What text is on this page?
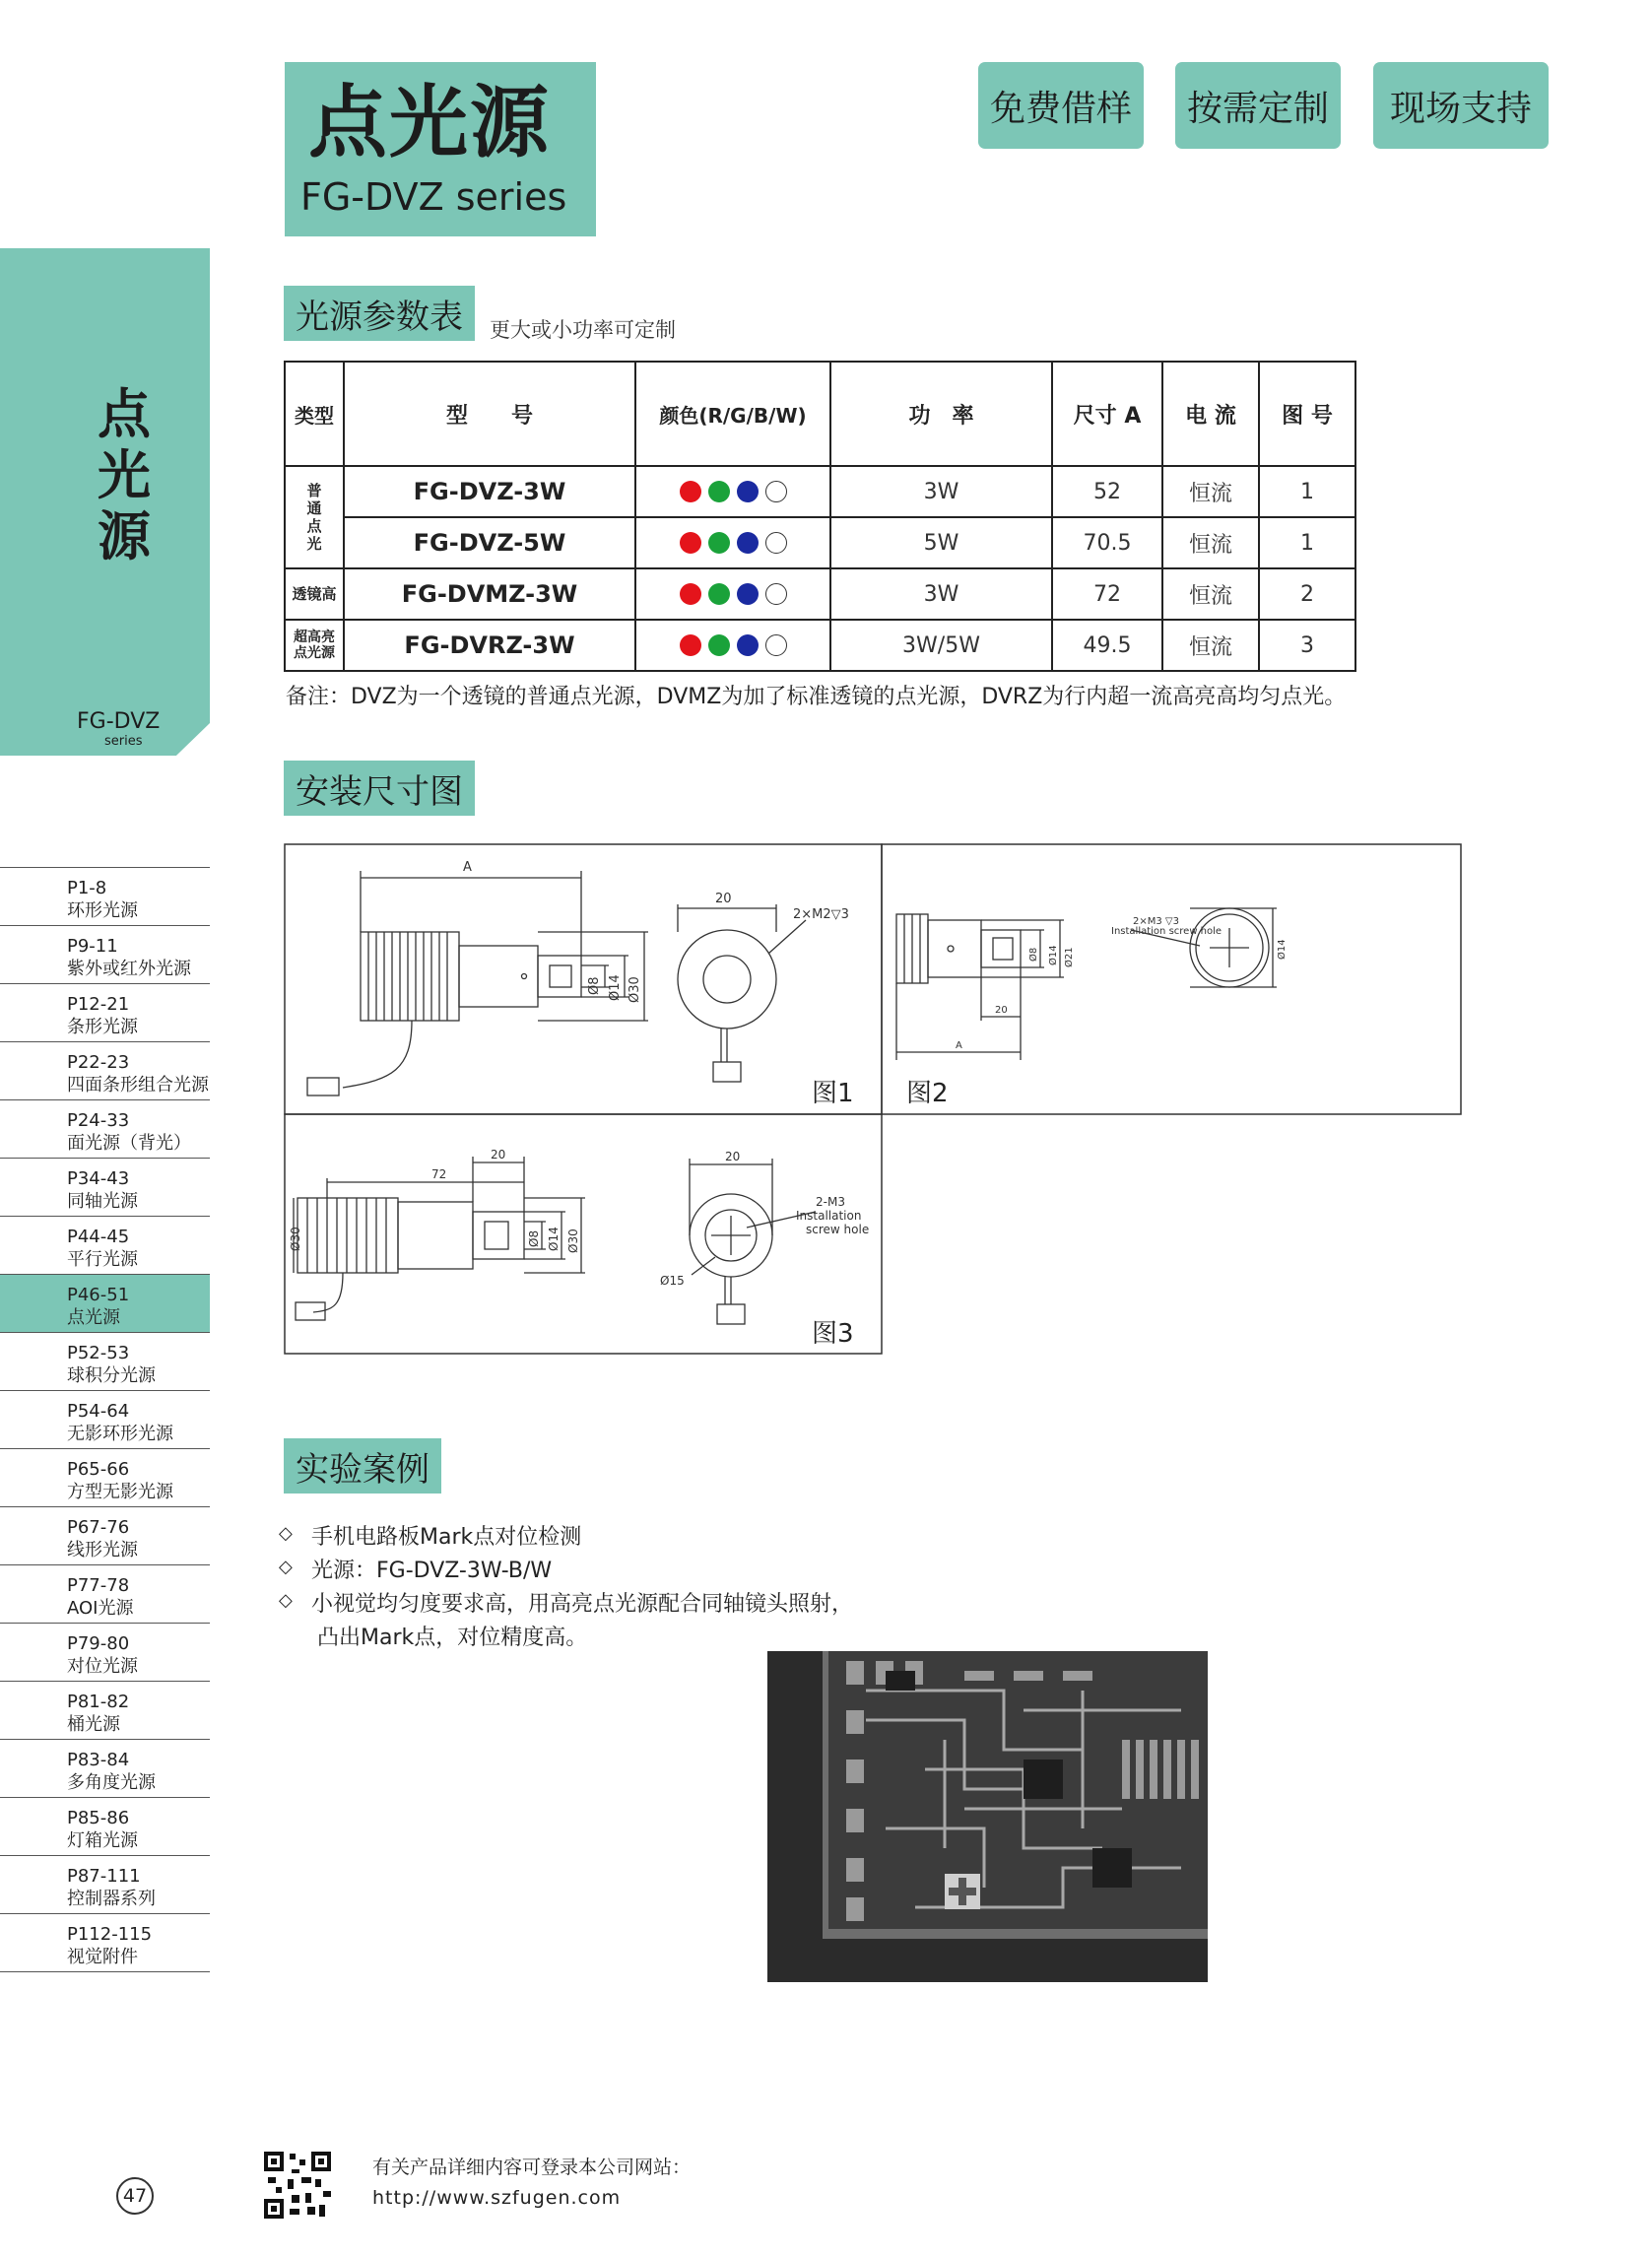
点光源
FG-DVZ series
免费借样	按需定制	现场支持
点光源
FG-DVZ
series
P1-8
环形光源
P9-11
紫外或红外光源
P12-21
条形光源
P22-23
四面条形组合光源
P24-33
面光源（背光）
P34-43
同轴光源
P44-45
平行光源
P46-51
点光源
P52-53
球积分光源
P54-64
无影环形光源
P65-66
方型无影光源
P67-76
线形光源
P77-78
AOI光源
P79-80
对位光源
P81-82
桶光源
P83-84
多角度光源
P85-86
灯箱光源
P87-111
控制器系列
P112-115
视觉附件
光源参数表	更大或小功率可定制
类型	型　　号	颜色(R/G/B/W)	功　率	尺寸 A	电 流	图 号

普通点光	FG-DVZ-3W		3W	52	恒流	1
	FG-DVZ-5W		5W	70.5	恒流	1
透镜高	FG-DVMZ-3W		3W	72	恒流	2

超高亮点光源	FG-DVRZ-3W		3W/5W	49.5	恒流	3
备注：DVZ为一个透镜的普通点光源，DVMZ为加了标准透镜的点光源，DVRZ为行内超一流高亮高均匀点光。
安装尺寸图
A
20
2×M2▽3
Ø8 Ø14 Ø30
图1
2×M3 ▽3
Installation screw hole
20
A
Ø8 Ø14 Ø21	Ø14
图2
72
20	20
Ø30	Ø8 Ø14 Ø30
Ø15
2-M3
Installation
screw hole
图3
实验案例
◇ 手机电路板Mark点对位检测
◇ 光源：FG-DVZ-3W-B/W
◇ 小视觉均匀度要求高，用高亮点光源配合同轴镜头照射，
凸出Mark点，对位精度高。
47
有关产品详细内容可登录本公司网站：
http://www.szfugen.com
